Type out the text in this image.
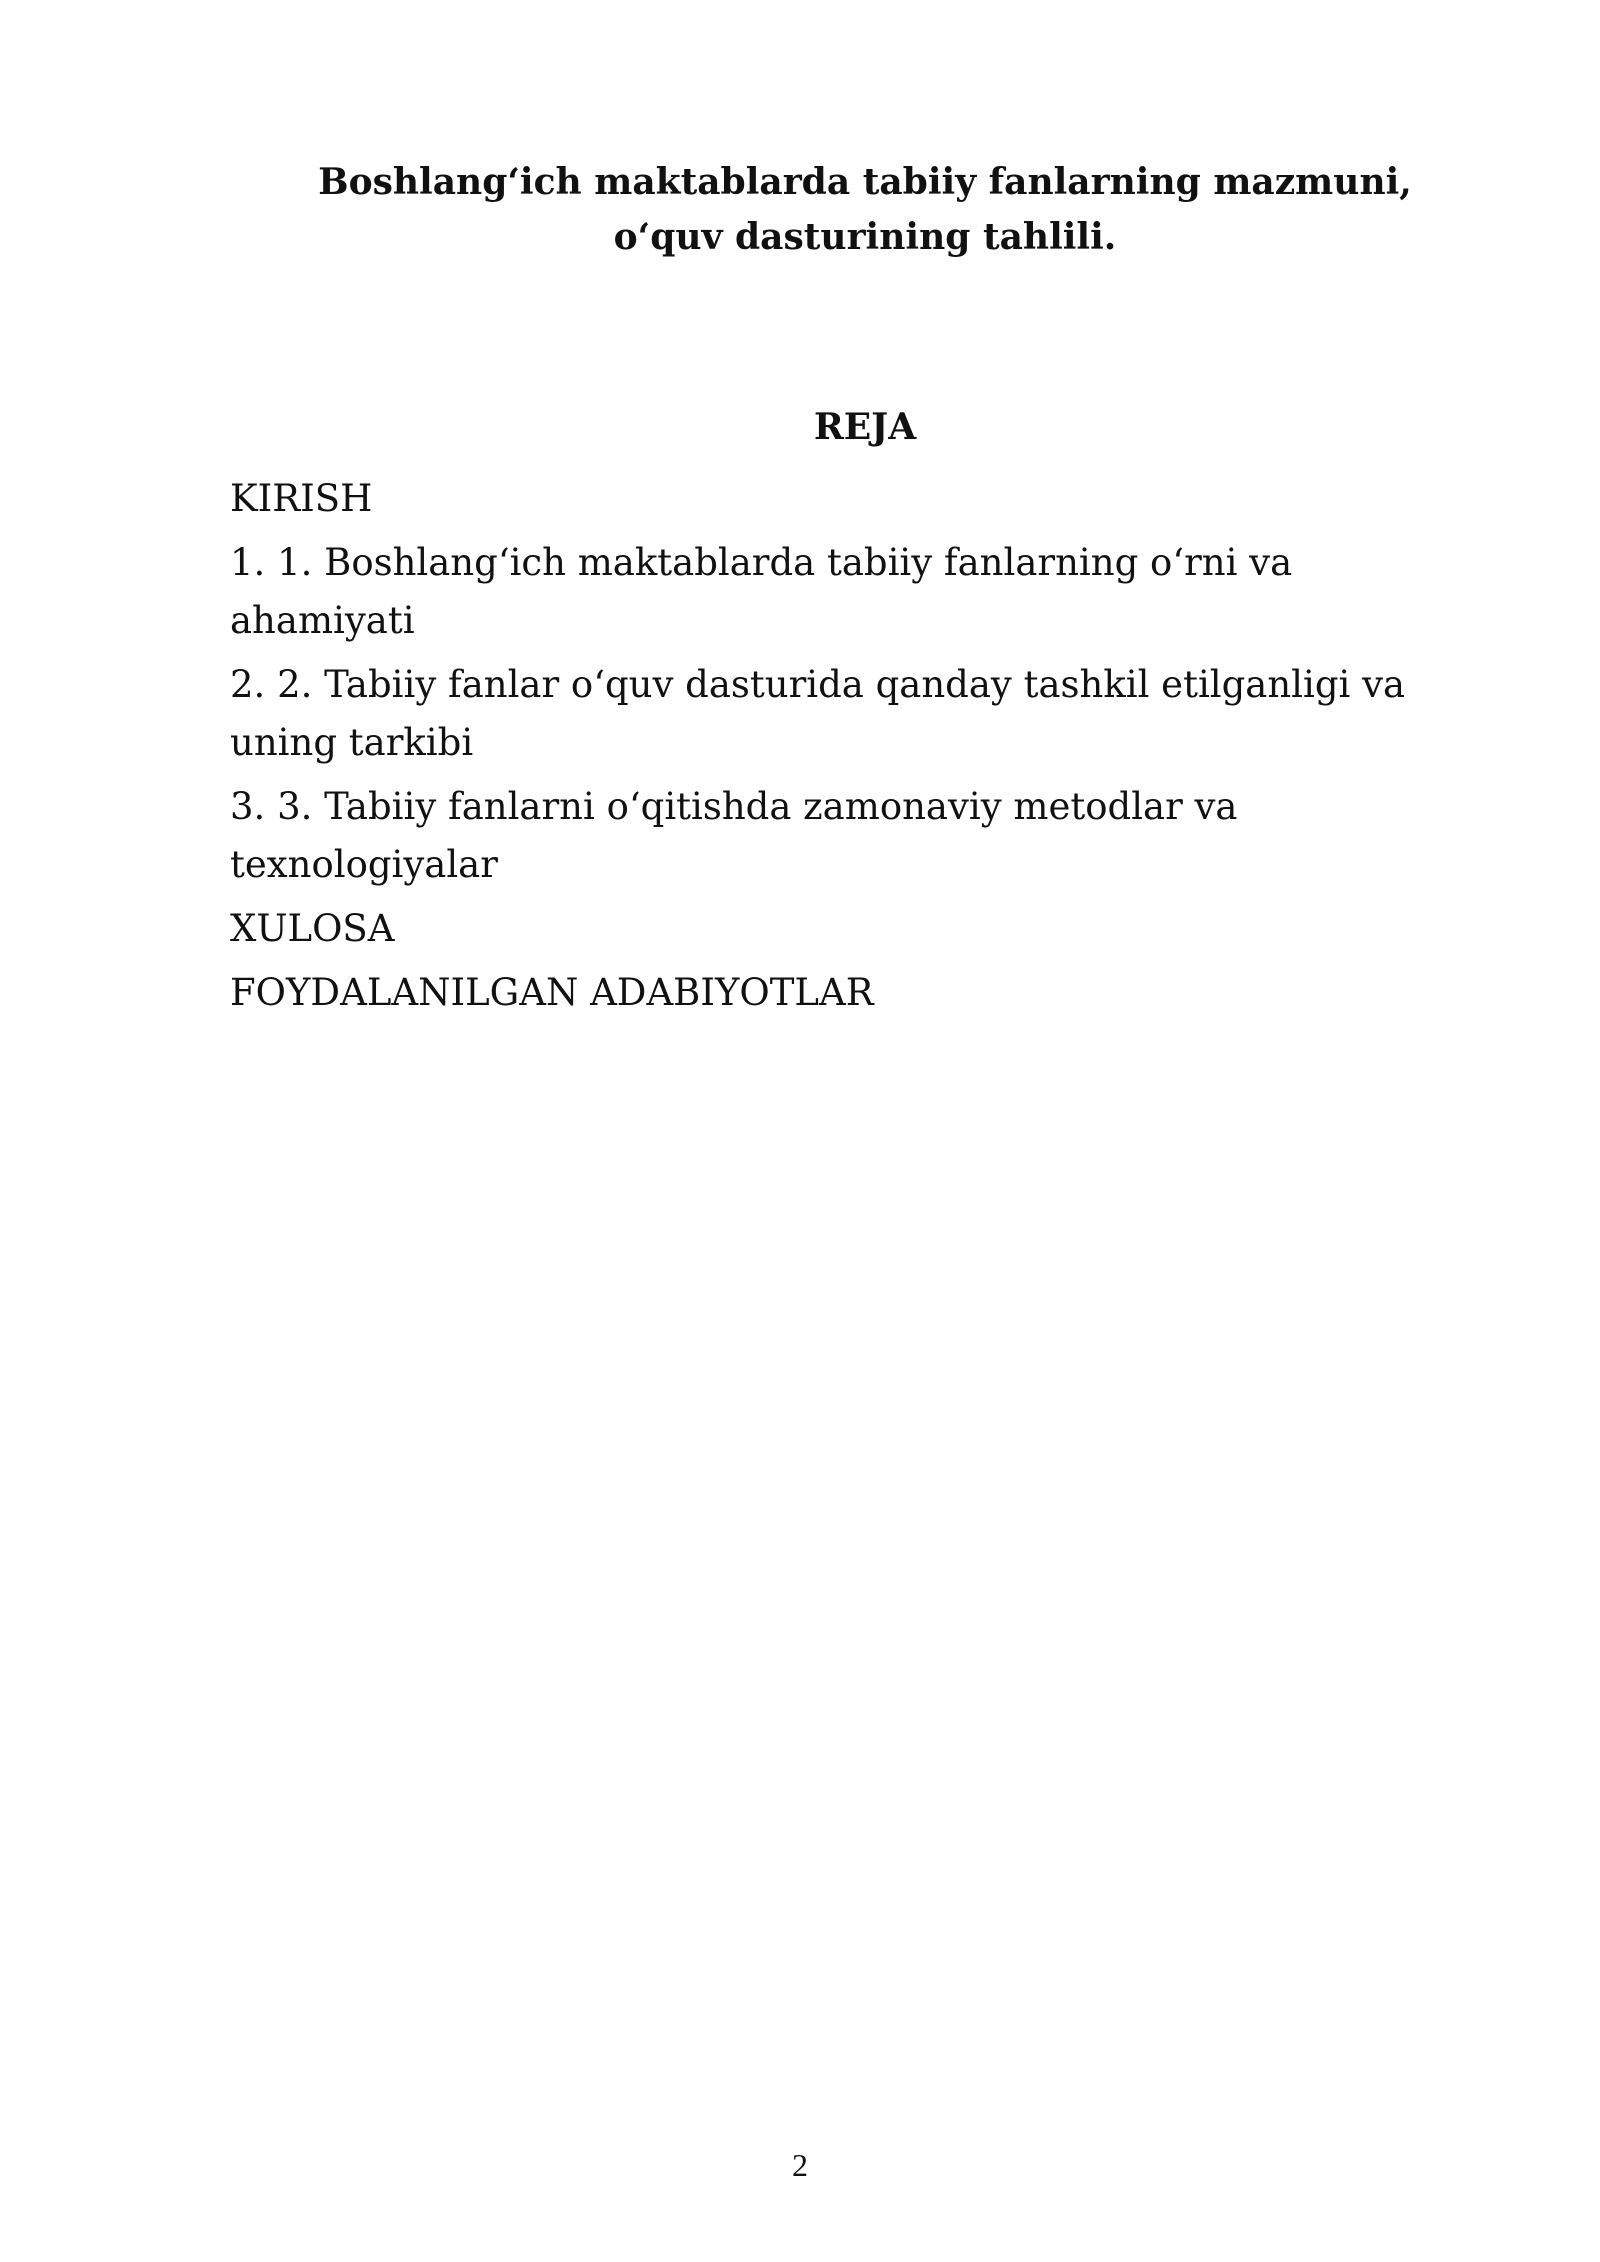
Boshlang‘ich maktablarda tabiiy fanlarning mazmuni,
o‘quv dasturining tahlili.
REJA
KIRISH
1. 1. Boshlang‘ich maktablarda tabiiy fanlarning o‘rni va ahamiyati
2. 2. Tabiiy fanlar o‘quv dasturida qanday tashkil etilganligi va uning tarkibi
3. 3. Tabiiy fanlarni o‘qitishda zamonaviy metodlar va texnologiyalar
XULOSA
FOYDALANILGAN ADABIYOTLAR
2
